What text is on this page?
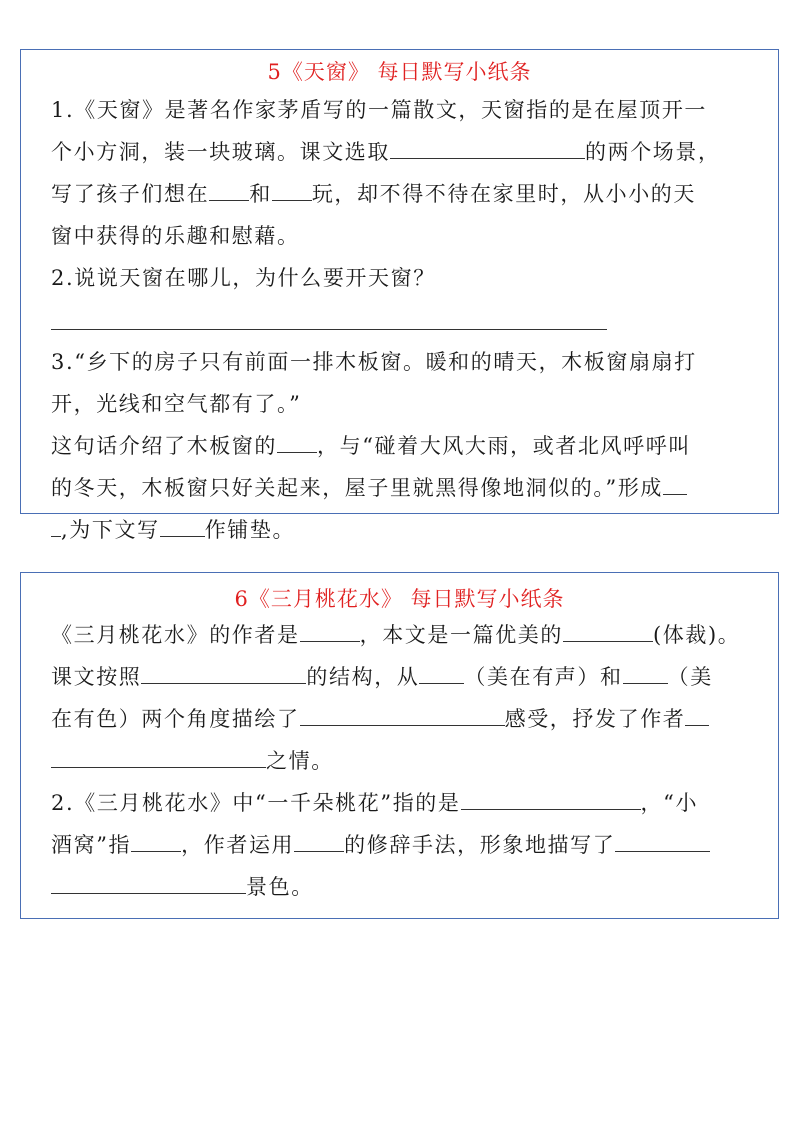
5《天窗》 每日默写小纸条
1.《天窗》是著名作家茅盾写的一篇散文，天窗指的是在屋顶开一
个小方洞，装一块玻璃。课文选取	的两个场景，
写了孩子们想在 和 玩，却不得不待在家里时，从小小的天
窗中获得的乐趣和慰藉。
2.说说天窗在哪儿，为什么要开天窗？
3.“乡下的房子只有前面一排木板窗。暖和的晴天，木板窗扇扇打
开，光线和空气都有了。”
这句话介绍了木板窗的 ，与“碰着大风大雨，或者北风呼呼叫
的冬天，木板窗只好关起来，屋子里就黑得像地洞似的。”形成
,为下文写 作铺垫。
6《三月桃花水》 每日默写小纸条
《三月桃花水》的作者是	，本文是一篇优美的	(体裁)。
课文按照	的结构，从 （美在有声）和 （美
在有色）两个角度描绘了	感受，抒发了作者
之情。
2.《三月桃花水》中“一千朵桃花”指的是	，“小
酒窝”指 ，作者运用 的修辞手法，形象地描写了
景色。
